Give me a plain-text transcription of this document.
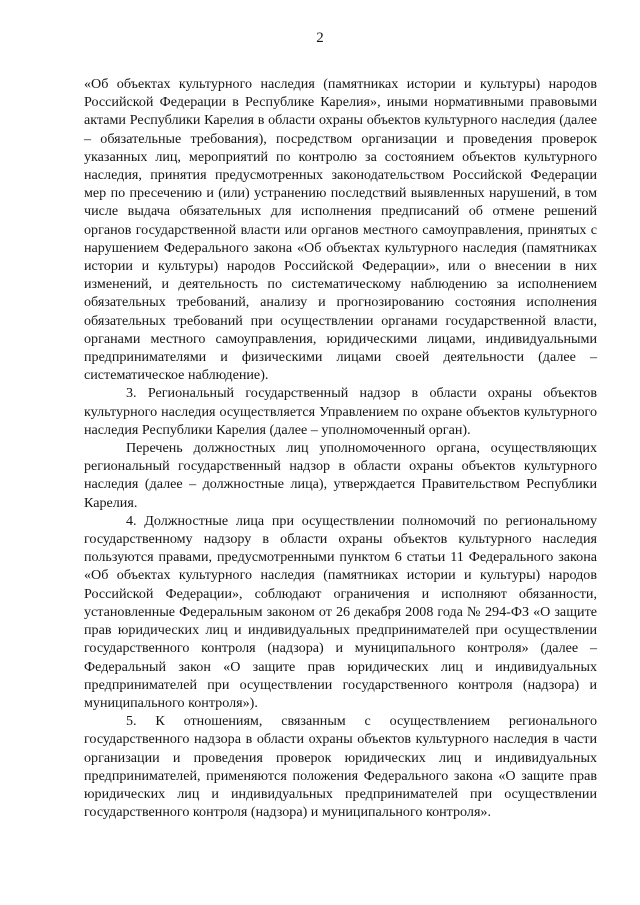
2

«Об объектах культурного наследия (памятниках истории и культуры) народов Российской Федерации в Республике Карелия», иными нормативными правовыми актами Республики Карелия в области охраны объектов культурного наследия (далее – обязательные требования), посредством организации и проведения проверок указанных лиц, мероприятий по контролю за состоянием объектов культурного наследия, принятия предусмотренных законодательством Российской Федерации мер по пресечению и (или) устранению последствий выявленных нарушений, в том числе выдача обязательных для исполнения предписаний об отмене решений органов государственной власти или органов местного самоуправления, принятых с нарушением Федерального закона «Об объектах культурного наследия (памятниках истории и культуры) народов Российской Федерации», или о внесении в них изменений, и деятельность по систематическому наблюдению за исполнением обязательных требований, анализу и прогнозированию состояния исполнения обязательных требований при осуществлении органами государственной власти, органами местного самоуправления, юридическими лицами, индивидуальными предпринимателями и физическими лицами своей деятельности (далее – систематическое наблюдение).

3. Региональный государственный надзор в области охраны объектов культурного наследия осуществляется Управлением по охране объектов культурного наследия Республики Карелия (далее – уполномоченный орган).

Перечень должностных лиц уполномоченного органа, осуществляющих региональный государственный надзор в области охраны объектов культурного наследия (далее – должностные лица), утверждается Правительством Республики Карелия.

4. Должностные лица при осуществлении полномочий по региональному государственному надзору в области охраны объектов культурного наследия пользуются правами, предусмотренными пунктом 6 статьи 11 Федерального закона «Об объектах культурного наследия (памятниках истории и культуры) народов Российской Федерации», соблюдают ограничения и исполняют обязанности, установленные Федеральным законом от 26 декабря 2008 года № 294-ФЗ «О защите прав юридических лиц и индивидуальных предпринимателей при осуществлении государственного контроля (надзора) и муниципального контроля» (далее – Федеральный закон «О защите прав юридических лиц и индивидуальных предпринимателей при осуществлении государственного контроля (надзора) и муниципального контроля»).

5. К отношениям, связанным с осуществлением регионального государственного надзора в области охраны объектов культурного наследия в части организации и проведения проверок юридических лиц и индивидуальных предпринимателей, применяются положения Федерального закона «О защите прав юридических лиц и индивидуальных предпринимателей при осуществлении государственного контроля (надзора) и муниципального контроля».
